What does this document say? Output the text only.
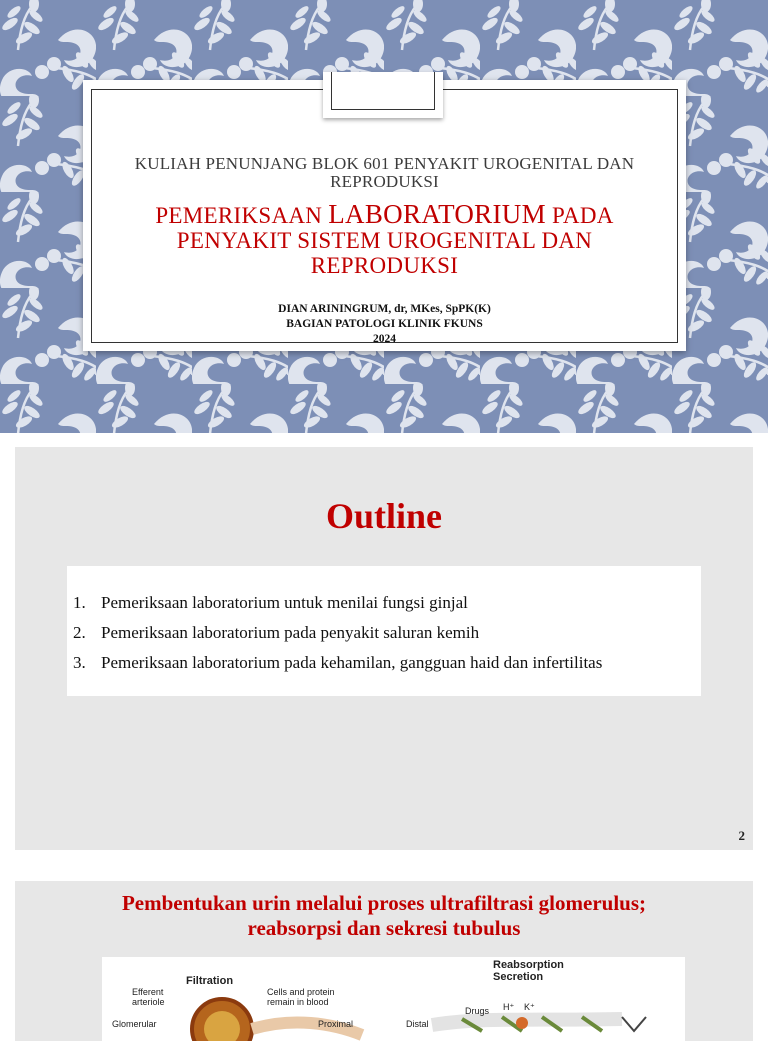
KULIAH PENUNJANG BLOK 601 PENYAKIT UROGENITAL DAN REPRODUKSI
PEMERIKSAAN LABORATORIUM PADA PENYAKIT SISTEM UROGENITAL DAN REPRODUKSI
DIAN ARININGRUM, dr, MKes, SpPK(K)
BAGIAN PATOLOGI KLINIK FKUNS
2024
Outline
1. Pemeriksaan laboratorium untuk menilai fungsi ginjal
2. Pemeriksaan laboratorium pada penyakit saluran kemih
3. Pemeriksaan laboratorium pada kehamilan, gangguan haid dan infertilitas
2
Pembentukan urin melalui proses ultrafiltrasi glomerulus;
reabsorpsi dan sekresi tubulus
Filtration
Efferent arteriole
Cells and protein remain in blood
Glomerular	Proximal	Distal
Reabsorption
Secretion
Drugs H⁺ K⁺
